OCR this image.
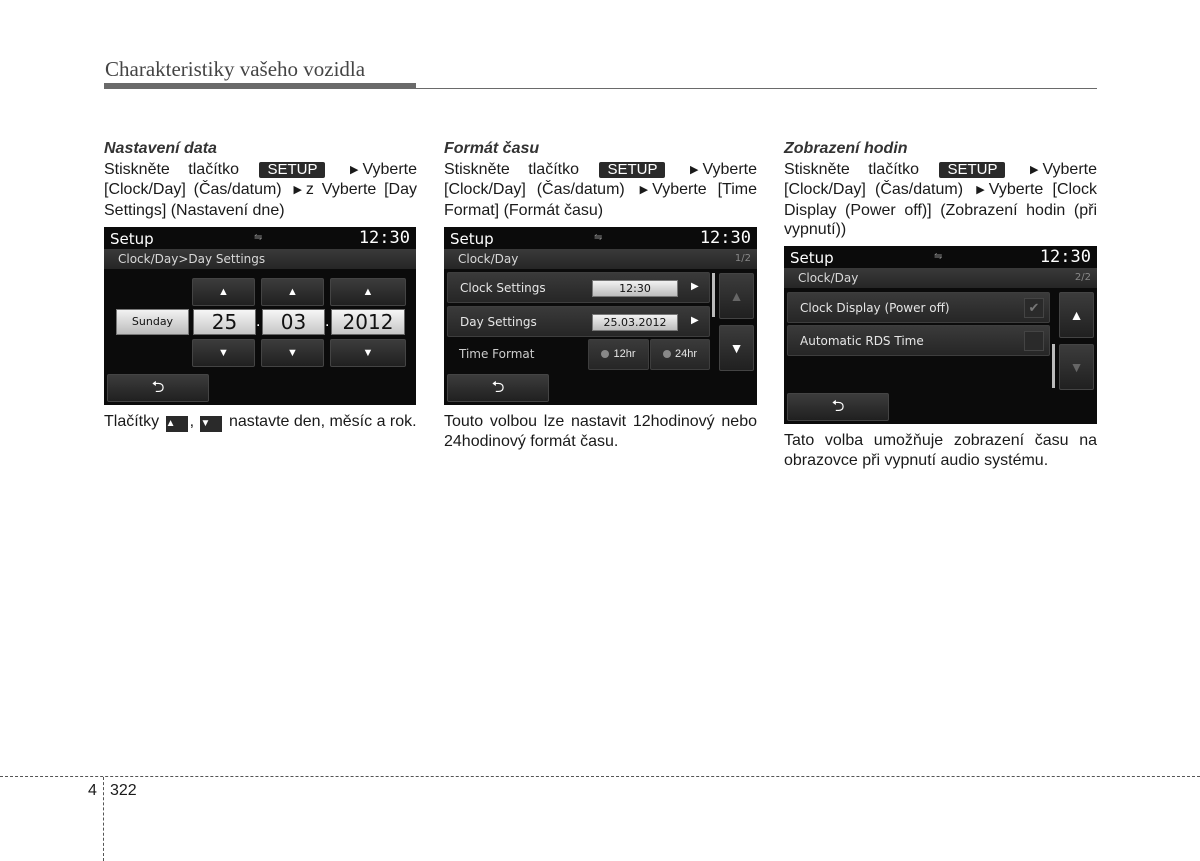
Charakteristiky vašeho vozidla
Nastavení data

Stiskněte tlačítko SETUP	▶ Vyberte [Clock/Day] (Čas/datum) ▶ z Vyberte [Day Settings] (Nastavení dne)

Setup	⇋	12:30
Clock/Day>Day Settings
▲	▲	▲
Sunday	25	.	03	. 2012
▼	▼	▼
⮌

Tlačítky ▲ , ▼ nastavte den, měsíc a rok.

Formát času

Stiskněte tlačítko SETUP	▶ Vyberte [Clock/Day] (Čas/datum) ▶ Vyberte [Time Format] (Formát času)

Setup	⇋	12:30
Clock/Day	1/2
Clock Settings	12:30	▶
Day Settings	25.03.2012	▶
Time Format	12hr	24hr
▲
▼
⮌

Touto volbou lze nastavit 12hodinový nebo 24hodinový formát času.

Zobrazení hodin

Stiskněte tlačítko SETUP	▶ Vyberte [Clock/Day] (Čas/datum) ▶ Vyberte [Clock Display (Power off)] (Zobrazení hodin (při vypnutí))

Setup	⇋	12:30
Clock/Day	2/2
Clock Display (Power off)	✔
Automatic RDS Time
▲
▼
⮌

Tato volba umožňuje zobrazení času na obrazovce při vypnutí audio systému.

4 322
